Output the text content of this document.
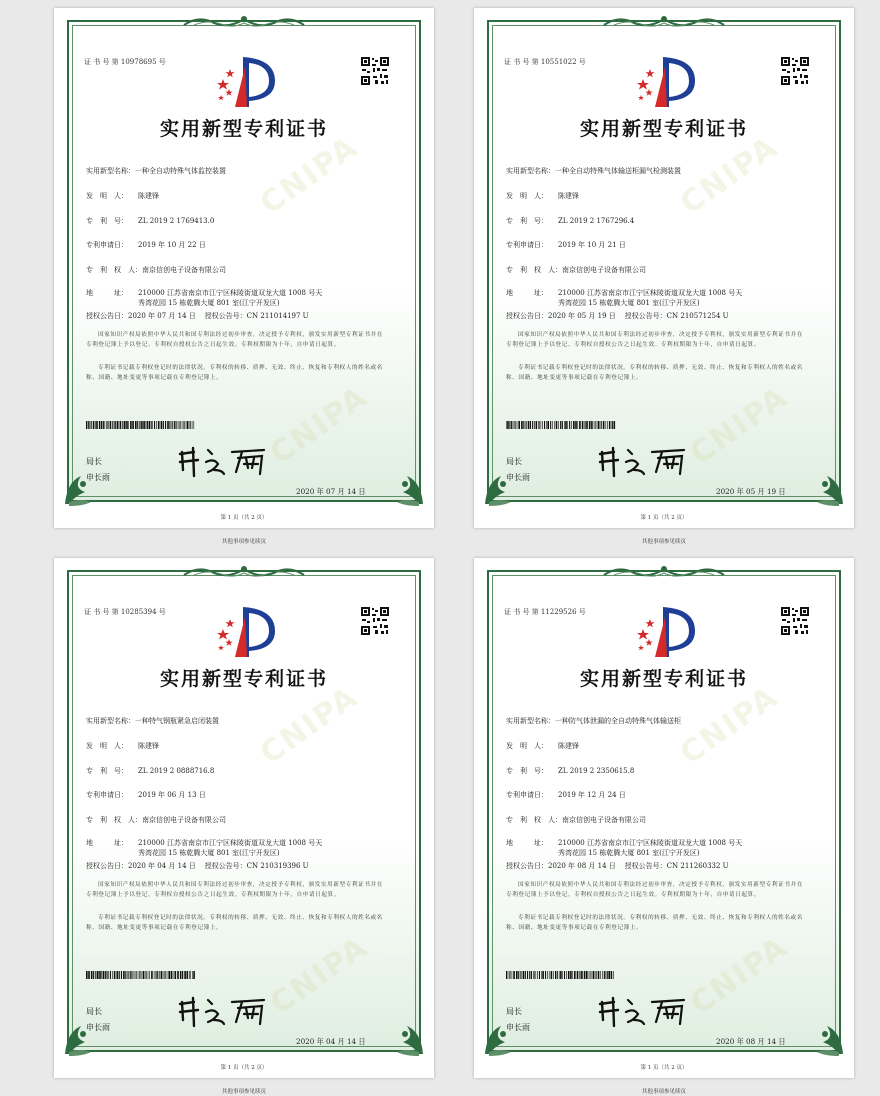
CNIPA
CNIPA
证 书 号 第 10978695 号
实用新型专利证书
实用新型名称：一种全自动特殊气体监控装置
发　明　人： 陈建锋
专　利　号： ZL 2019 2 1769413.0
专利申请日： 2019 年 10 月 22 日
专　利　权　人：南京信创电子设备有限公司
地　　　址： 210000 江苏省南京市江宁区秣陵街道双龙大道 1008 号天
秀湾花园 15 栋乾腾大厦 801 室(江宁开发区)
授权公告日：2020 年 07 月 14 日 授权公告号：CN 211014197 U
国家知识产权局依照中华人民共和国专利法经过初步审查，决定授予专利权，颁发实用新型专利证书并在专利登记簿上予以登记。专利权自授权公告之日起生效。专利权期限为十年，自申请日起算。
专利证书记载专利权登记时的法律状况。专利权的转移、质押、无效、终止、恢复和专利权人的姓名或名称、国籍、地址变更等事项记载在专利登记簿上。
局长
申长雨
2020 年 07 月 14 日
第 1 页（共 2 页）
其他事项参见续页
CNIPA
CNIPA
证 书 号 第 10551022 号
实用新型专利证书
实用新型名称：一种全自动特殊气体输送柜漏气检测装置
发　明　人： 陈建锋
专　利　号： ZL 2019 2 1767296.4
专利申请日： 2019 年 10 月 21 日
专　利　权　人：南京信创电子设备有限公司
地　　　址： 210000 江苏省南京市江宁区秣陵街道双龙大道 1008 号天
秀湾花园 15 栋乾腾大厦 801 室(江宁开发区)
授权公告日：2020 年 05 月 19 日 授权公告号：CN 210571254 U
国家知识产权局依照中华人民共和国专利法经过初步审查，决定授予专利权，颁发实用新型专利证书并在专利登记簿上予以登记。专利权自授权公告之日起生效。专利权期限为十年，自申请日起算。
专利证书记载专利权登记时的法律状况。专利权的转移、质押、无效、终止、恢复和专利权人的姓名或名称、国籍、地址变更等事项记载在专利登记簿上。
局长
申长雨
2020 年 05 月 19 日
第 1 页（共 2 页）
其他事项参见续页
CNIPA
CNIPA
证 书 号 第 10285394 号
实用新型专利证书
实用新型名称：一种特气钢瓶紧急启闭装置
发　明　人： 陈建锋
专　利　号： ZL 2019 2 0888716.8
专利申请日： 2019 年 06 月 13 日
专　利　权　人：南京信创电子设备有限公司
地　　　址： 210000 江苏省南京市江宁区秣陵街道双龙大道 1008 号天
秀湾花园 15 栋乾腾大厦 801 室(江宁开发区)
授权公告日：2020 年 04 月 14 日 授权公告号：CN 210319396 U
国家知识产权局依照中华人民共和国专利法经过初步审查，决定授予专利权，颁发实用新型专利证书并在专利登记簿上予以登记。专利权自授权公告之日起生效。专利权期限为十年，自申请日起算。
专利证书记载专利权登记时的法律状况。专利权的转移、质押、无效、终止、恢复和专利权人的姓名或名称、国籍、地址变更等事项记载在专利登记簿上。
局长
申长雨
2020 年 04 月 14 日
第 1 页（共 2 页）
其他事项参见续页
CNIPA
CNIPA
证 书 号 第 11229526 号
实用新型专利证书
实用新型名称：一种防气体泄漏的全自动特殊气体输送柜
发　明　人： 陈建锋
专　利　号： ZL 2019 2 2350615.8
专利申请日： 2019 年 12 月 24 日
专　利　权　人：南京信创电子设备有限公司
地　　　址： 210000 江苏省南京市江宁区秣陵街道双龙大道 1008 号天
秀湾花园 15 栋乾腾大厦 801 室(江宁开发区)
授权公告日：2020 年 08 月 14 日 授权公告号：CN 211260332 U
国家知识产权局依照中华人民共和国专利法经过初步审查，决定授予专利权，颁发实用新型专利证书并在专利登记簿上予以登记。专利权自授权公告之日起生效。专利权期限为十年，自申请日起算。
专利证书记载专利权登记时的法律状况。专利权的转移、质押、无效、终止、恢复和专利权人的姓名或名称、国籍、地址变更等事项记载在专利登记簿上。
局长
申长雨
2020 年 08 月 14 日
第 1 页（共 2 页）
其他事项参见续页
